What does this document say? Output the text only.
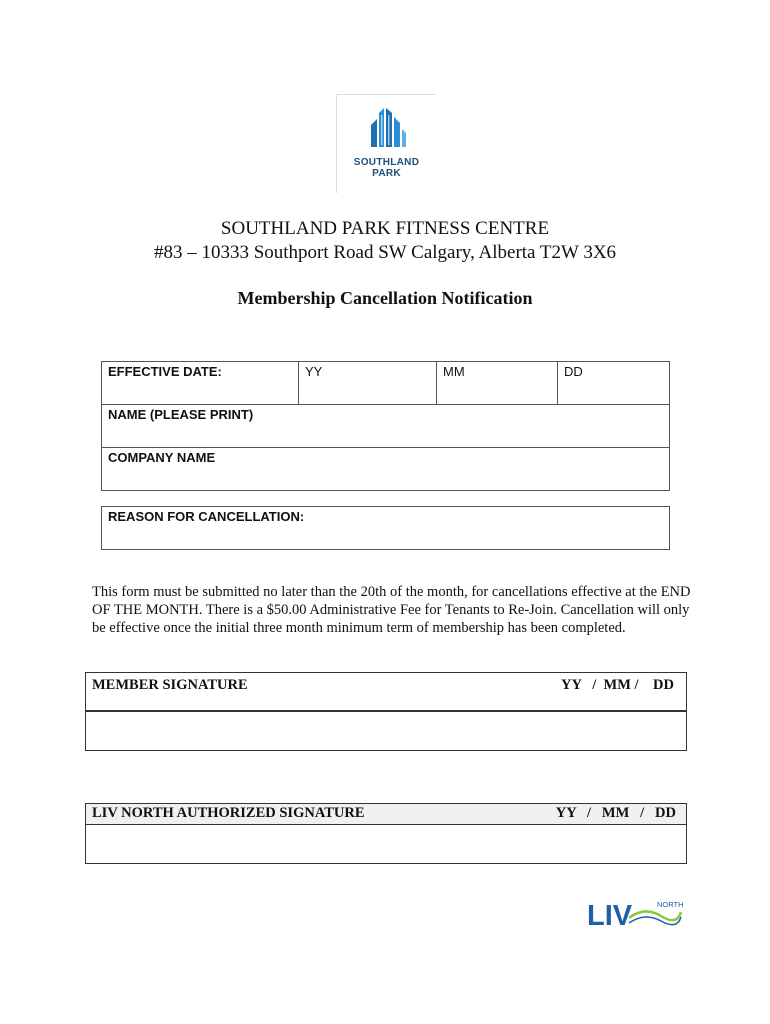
SOUTHLAND
PARK
SOUTHLAND PARK FITNESS CENTRE
#83 – 10333 Southport Road SW Calgary, Alberta T2W 3X6
Membership Cancellation Notification
EFFECTIVE DATE:	YY	MM	DD
NAME (PLEASE PRINT)
COMPANY NAME
REASON FOR CANCELLATION:
This form must be submitted no later than the 20th of the month, for cancellations effective at the END OF THE MONTH. There is a $50.00 Administrative Fee for Tenants to Re-Join. Cancellation will only be effective once the initial three month minimum term of membership has been completed.
MEMBER SIGNATURE	YY   /  MM /    DD
LIV NORTH AUTHORIZED SIGNATURE	YY   /   MM   /   DD
LIV	NORTH
